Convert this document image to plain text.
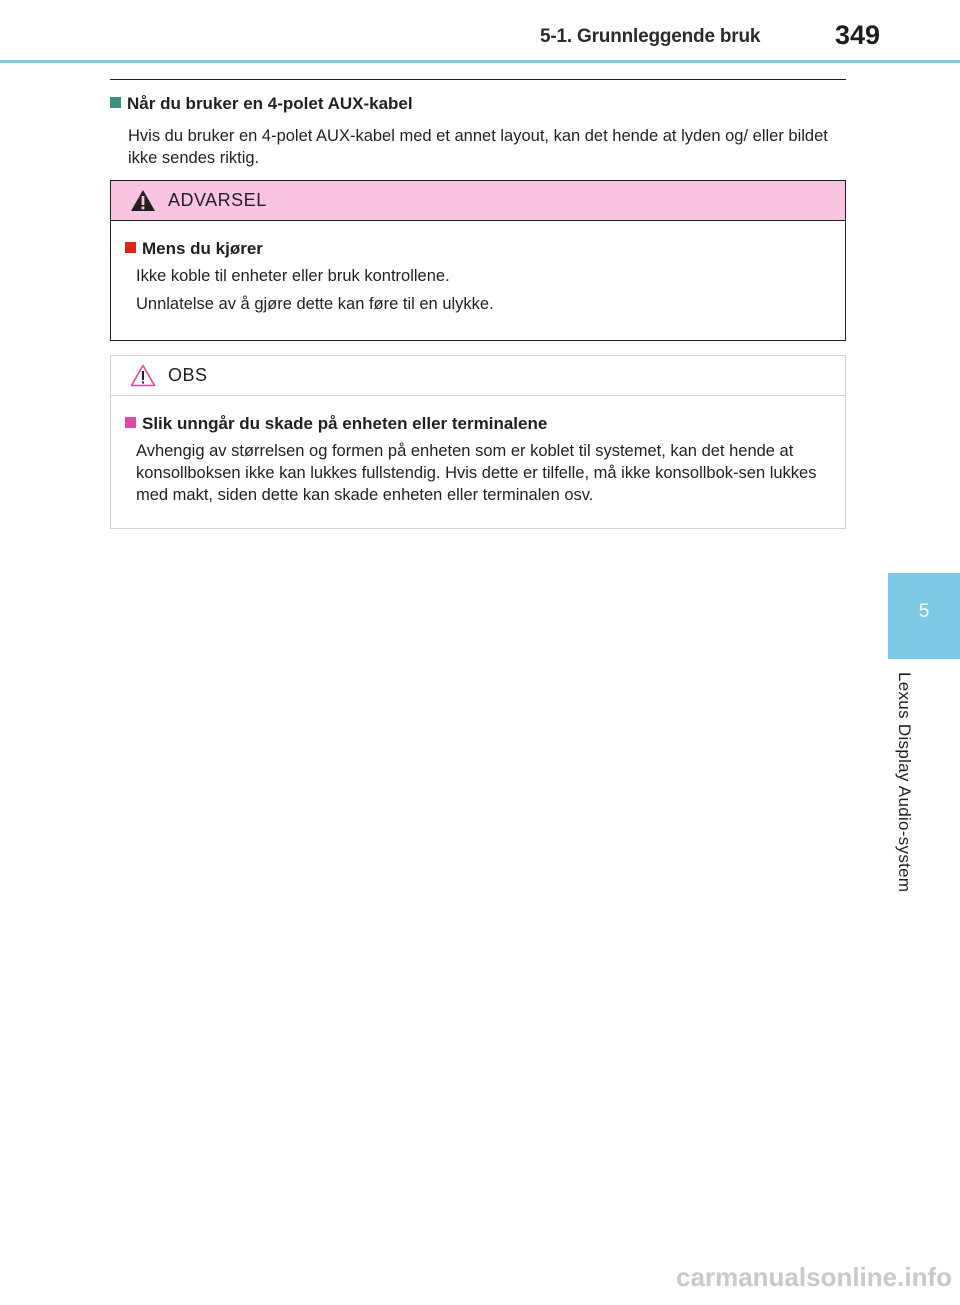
5-1. Grunnleggende bruk	349
Når du bruker en 4-polet AUX-kabel
Hvis du bruker en 4-polet AUX-kabel med et annet layout, kan det hende at lyden og/ eller bildet ikke sendes riktig.
ADVARSEL
Mens du kjører
Ikke koble til enheter eller bruk kontrollene.
Unnlatelse av å gjøre dette kan føre til en ulykke.
OBS
Slik unngår du skade på enheten eller terminalene
Avhengig av størrelsen og formen på enheten som er koblet til systemet, kan det hende at konsollboksen ikke kan lukkes fullstendig. Hvis dette er tilfelle, må ikke konsollbok-sen lukkes med makt, siden dette kan skade enheten eller terminalen osv.
5
Lexus Display Audio-system
carmanualsonline.info
